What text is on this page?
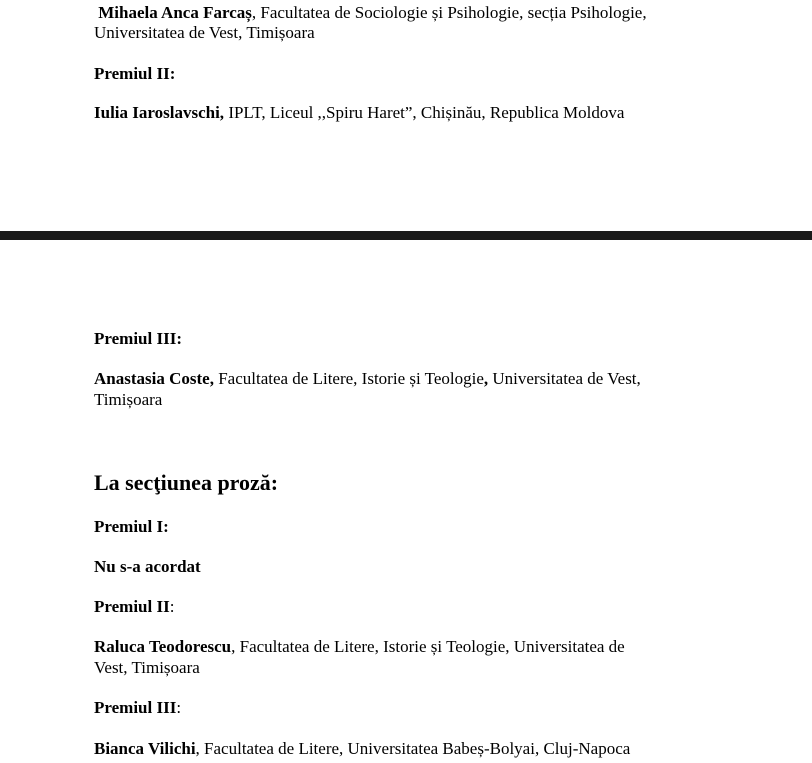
Mihaela Anca Farcaș, Facultatea de Sociologie și Psihologie, secția Psihologie,
Universitatea de Vest, Timișoara
Premiul II:
Iulia Iaroslavschi, IPLT, Liceul ,,Spiru Haret”, Chișinău, Republica Moldova
Premiul III:
Anastasia Coste, Facultatea de Litere, Istorie și Teologie, Universitatea de Vest,
Timișoara
La secţiunea proză:
Premiul I:
Nu s-a acordat
Premiul II:
Raluca Teodorescu, Facultatea de Litere, Istorie și Teologie, Universitatea de
Vest, Timișoara
Premiul III:
Bianca Vilichi, Facultatea de Litere, Universitatea Babeș-Bolyai, Cluj-Napoca
